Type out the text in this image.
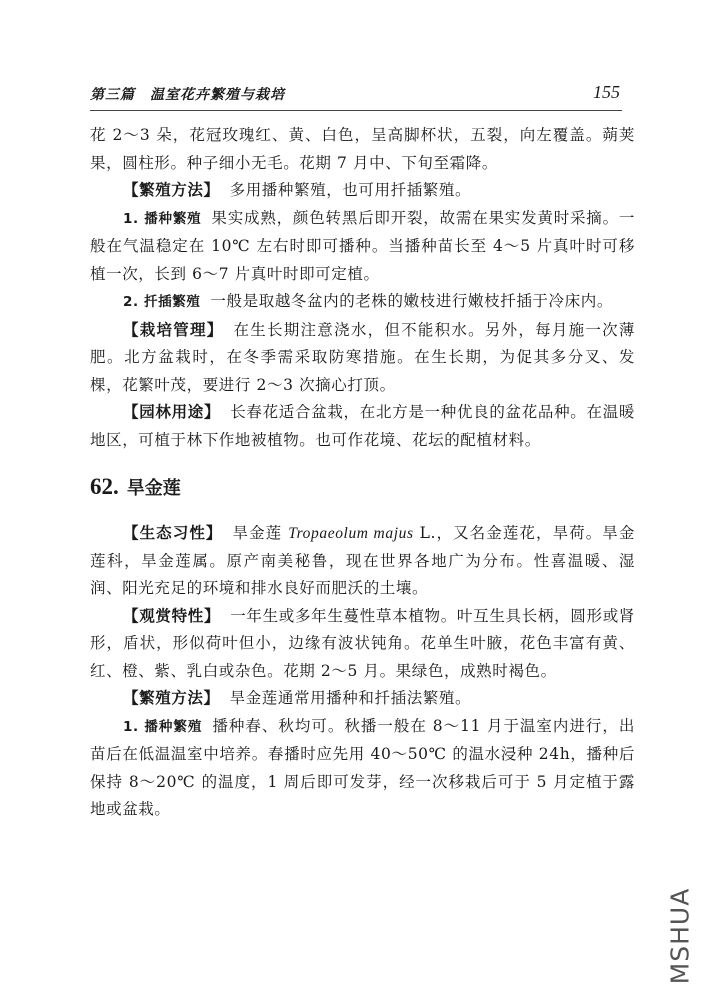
第三篇　温室花卉繁殖与栽培	155

花 2～3 朵，花冠玫瑰红、黄、白色，呈高脚杯状，五裂，向左覆盖。蒴荚果，圆柱形。种子细小无毛。花期 7 月中、下旬至霜降。

【繁殖方法】 多用播种繁殖，也可用扦插繁殖。

1. 播种繁殖 果实成熟，颜色转黑后即开裂，故需在果实发黄时采摘。一般在气温稳定在 10℃ 左右时即可播种。当播种苗长至 4～5 片真叶时可移植一次，长到 6～7 片真叶时即可定植。

2. 扦插繁殖 一般是取越冬盆内的老株的嫩枝进行嫩枝扦插于冷床内。

【栽培管理】 在生长期注意浇水，但不能积水。另外，每月施一次薄肥。北方盆栽时，在冬季需采取防寒措施。在生长期，为促其多分叉、发棵，花繁叶茂，要进行 2～3 次摘心打顶。

【园林用途】 长春花适合盆栽，在北方是一种优良的盆花品种。在温暖地区，可植于林下作地被植物。也可作花境、花坛的配植材料。

62. 旱金莲

【生态习性】 旱金莲 Tropaeolum majus L.，又名金莲花，旱荷。旱金莲科，旱金莲属。原产南美秘鲁，现在世界各地广为分布。性喜温暖、湿润、阳光充足的环境和排水良好而肥沃的土壤。

【观赏特性】 一年生或多年生蔓性草本植物。叶互生具长柄，圆形或肾形，盾状，形似荷叶但小，边缘有波状钝角。花单生叶腋，花色丰富有黄、红、橙、紫、乳白或杂色。花期 2～5 月。果绿色，成熟时褐色。

【繁殖方法】 旱金莲通常用播种和扦插法繁殖。

1. 播种繁殖 播种春、秋均可。秋播一般在 8～11 月于温室内进行，出苗后在低温温室中培养。春播时应先用 40～50℃ 的温水浸种 24h，播种后保持 8～20℃ 的温度，1 周后即可发芽，经一次移栽后可于 5 月定植于露地或盆栽。

MSHUA
